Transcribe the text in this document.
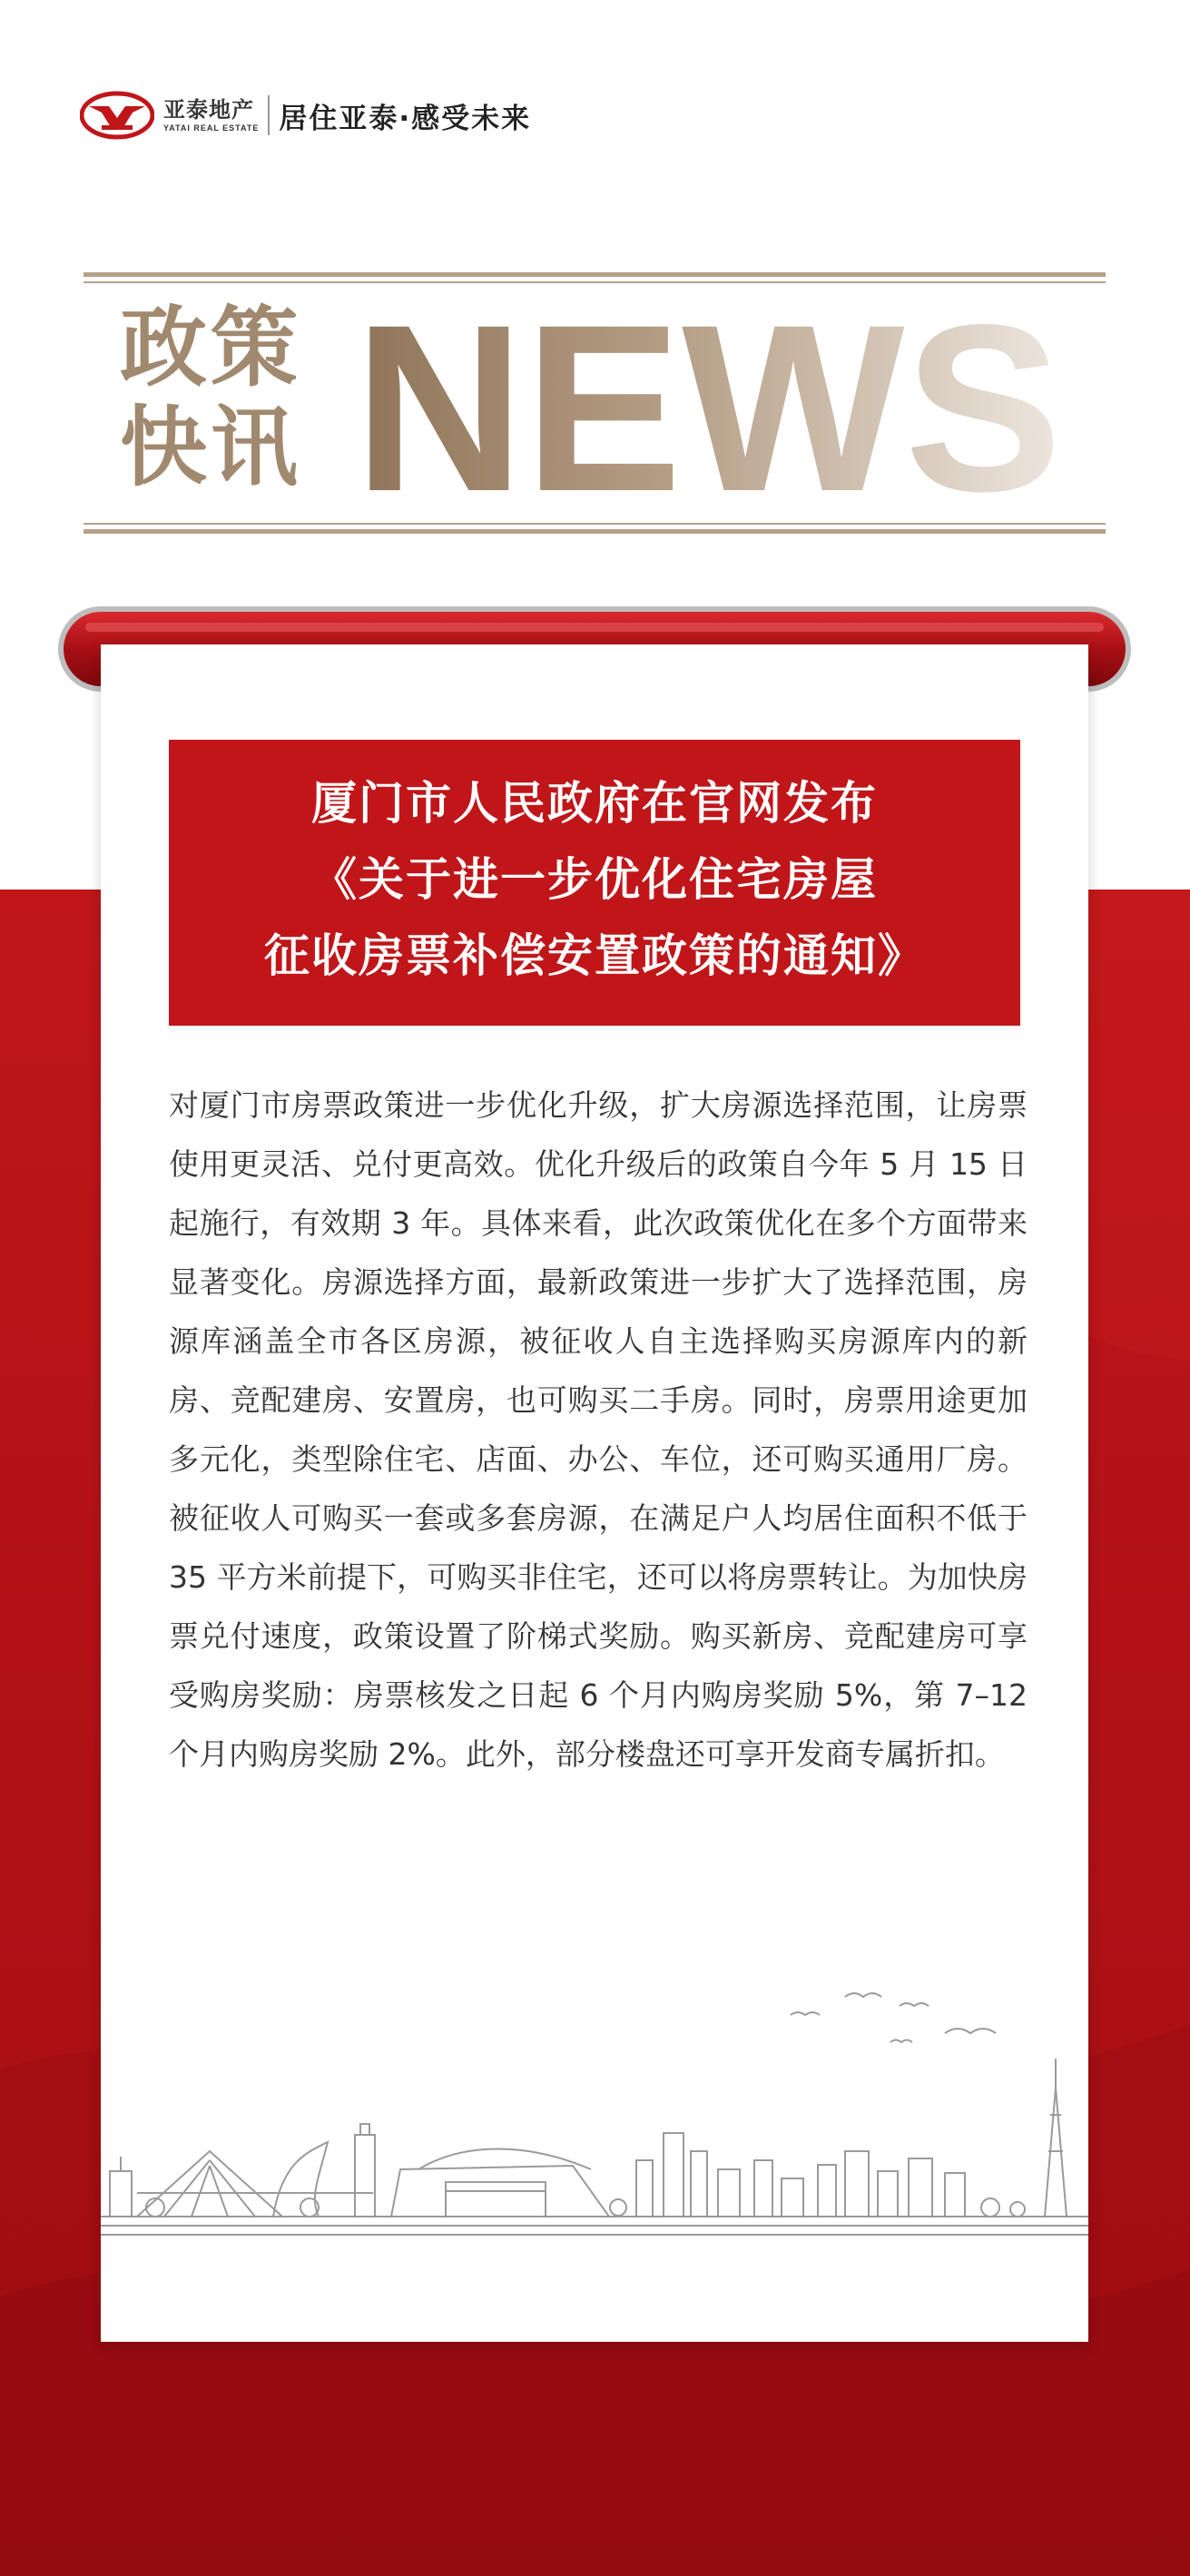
亚泰地产
YATAI REAL ESTATE 居住亚泰·感受未来
政策
快讯 NEWS
厦门市人民政府在官网发布
《关于进一步优化住宅房屋
征收房票补偿安置政策的通知》
对厦门市房票政策进一步优化升级，扩大房源选择范围，让房票使用更灵活、兑付更高效。优化升级后的政策自今年 5 月 15 日起施行，有效期 3 年。具体来看，此次政策优化在多个方面带来显著变化。房源选择方面，最新政策进一步扩大了选择范围，房源库涵盖全市各区房源，被征收人自主选择购买房源库内的新房、竞配建房、安置房，也可购买二手房。同时，房票用途更加多元化，类型除住宅、店面、办公、车位，还可购买通用厂房。被征收人可购买一套或多套房源，在满足户人均居住面积不低于 35 平方米前提下，可购买非住宅，还可以将房票转让。为加快房票兑付速度，政策设置了阶梯式奖励。购买新房、竞配建房可享受购房奖励：房票核发之日起 6 个月内购房奖励 5%，第 7–12 个月内购房奖励 2%。此外，部分楼盘还可享开发商专属折扣。
